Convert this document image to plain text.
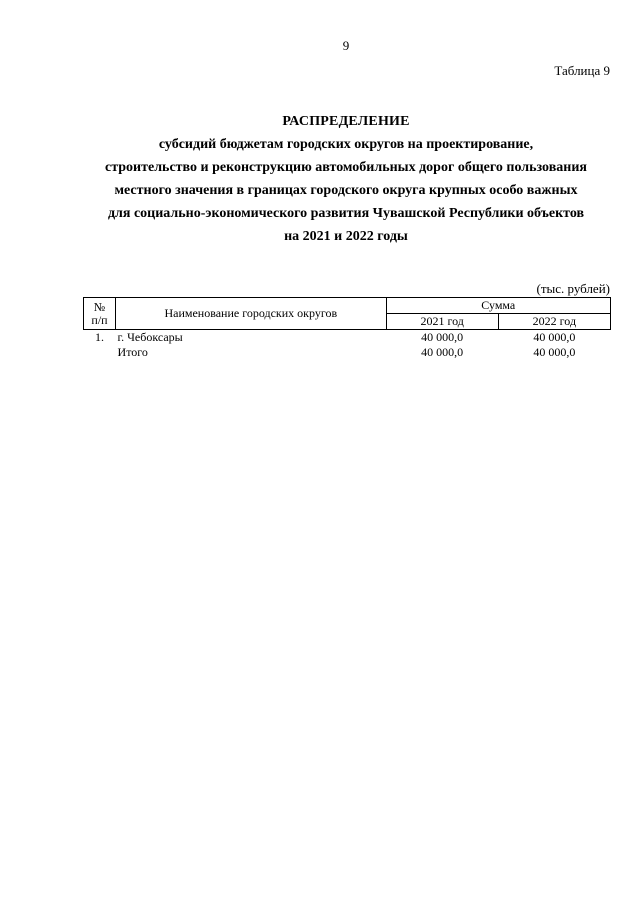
9
Таблица 9
РАСПРЕДЕЛЕНИЕ
субсидий бюджетам городских округов на проектирование,
строительство и реконструкцию автомобильных дорог общего пользования
местного значения в границах городского округа крупных особо важных
для социально-экономического развития Чувашской Республики объектов
на 2021 и 2022 годы
(тыс. рублей)
№
п/п	Наименование городских округов	Сумма	
		2021 год	2022 год
1.	г. Чебоксары	40 000,0	40 000,0
	Итого	40 000,0	40 000,0
